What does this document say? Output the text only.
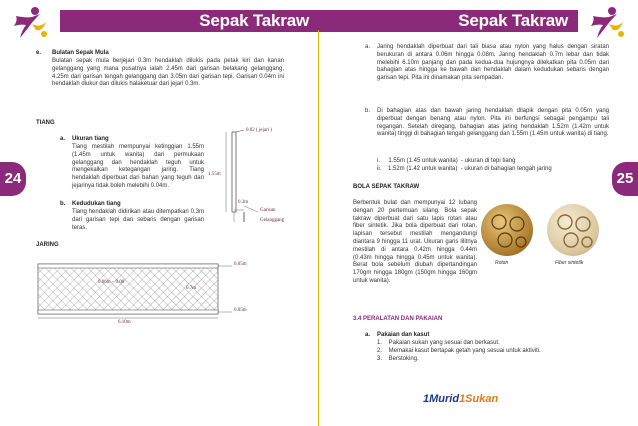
Sepak Takraw
24
e. Bulatan Sepak Mula
Bulatan sepak mula berjejari 0.3m hendaklah dilukis pada petak kiri dan kanan gelanggang yang mana pusatnya ialah 2.45m dari garisan belakang gelanggang, 4.25m dari garisan tengah gelanggang dan 3.05m dari garisan tepi. Garisan 0.04m ini hendaklah diukur dan dilukis halaketuar dari jejari 0.3m.
TIANG
a. Ukuran tiang
Tiang mestilah mempunyai ketinggian 1.55m (1.45m untuk wanita) dari permukaan gelanggang dan hendaklah teguh untuk mengekalkan ketegangan jaring. Tiang hendaklah diperbuat dari bahan yang teguh dan jejarinya tidak boleh melebihi 0.04m.
b. Kedudukan tiang
Tiang hendaklah didirikan atau ditempatkan 0.3m dari garisan tepi dan sebaris dengan garisan teras.
0.02 ( jejari )
1.55m
0.3m
Garisan
Gelanggang
JARING
0.05m
0.06m – 0.08
0.7m
0.05m
6.10m
Sepak Takraw
25
a. Jaring hendaklah diperbuat dari tali biasa atau nylon yang halus dengan siratan berukuran di antara 0.06m hingga 0.08m. Jaring hendaklah 0.7m lebar dan tidak melebihi 6.10m panjang dan pada kedua-dua hujungnya dilekatkan pita 0.05m dari bahagian atas hingga ke bawah dan hendaklah dalam kedudukan sebaris dengan garisan tepi. Pita ini dinamakan pita sempadan.
b. Di bahagian atas dan bawah jaring hendaklah dilapik dengan pita 0.05m yang diperbuat dengan benang atau nylon. Pita ini berfungsi sebagai pengampu tali regangan. Setelah diregang, bahagian atas jaring hendaklah 1.52m (1.42m untuk wanita) tinggi di bahagian tengah gelanggang dan 1.55m (1.45m untuk wanita) di tiang.
i.     1.55m (1.45 untuk wanita)  - ukuran di tepi tiang
ii.    1.52m (1.42 untuk wanita)  - ukuran di bahagian tengah jaring
BOLA SEPAK TAKRAW
Berbentuk bulat dan mempunyai 12 lubang dengan 20 pertemuan silang. Bola sepak takraw diperbuat dari satu lapis rotan atau fiber sintetik. Jika bola diperbuat dari rotan, lapisan tersebut mestilah mengandungi diantara 9 hingga 11 urat. Ukuran garis lilitnya mestilah di antara 0.42m hingga 0.44m (0.43m hingga hingga 0.45m untuk wanita). Berat bola sebelum diubah dipertandingan 170gm hingga 180gm (150gm hingga 160gm untuk wanita).
Rotan	Fiber sintetik
3.4 PERALATAN DAN PAKAIAN
a. Pakaian dan kasut
1.    Pakaian sukan yang sesuai dan berkasut.
2.    Memakai kasut bertapak getah yang sesuai untuk aktiviti.
3.    Berstoking.
1Murid1Sukan
